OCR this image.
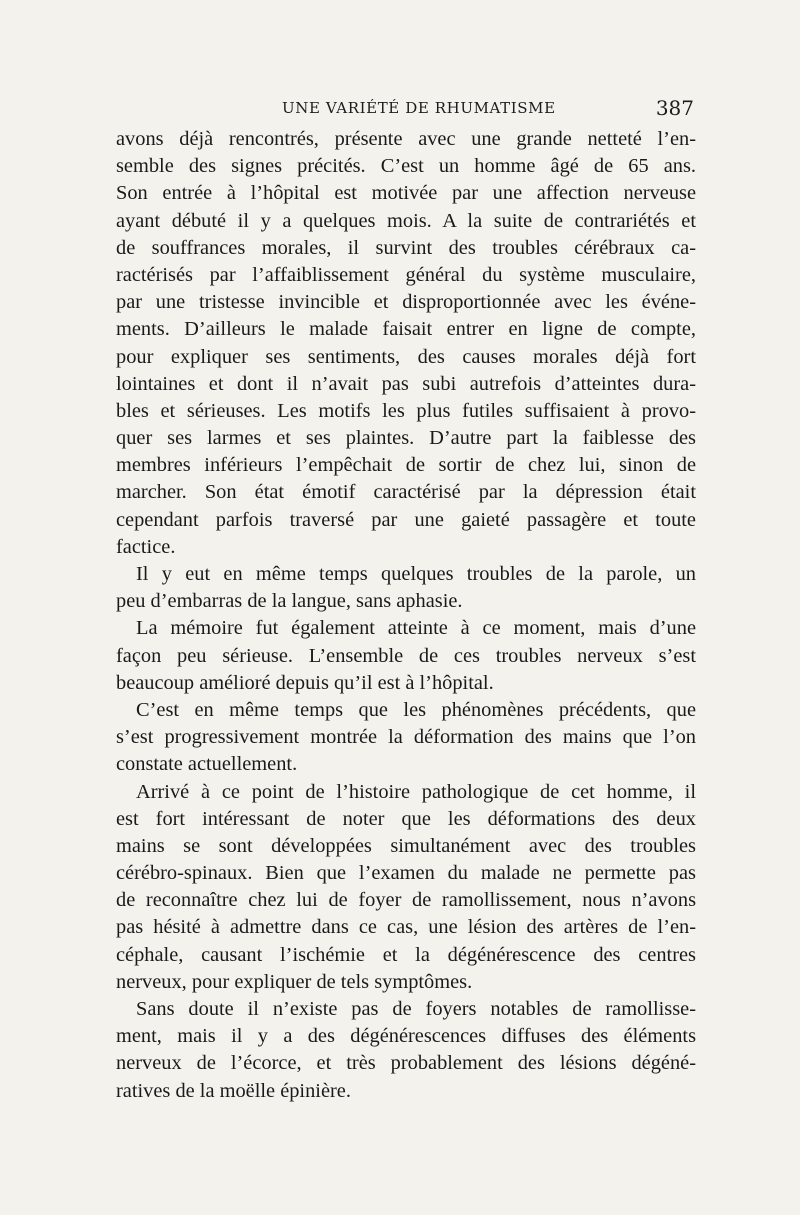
UNE VARIÉTÉ DE RHUMATISME	387
avons déjà rencontrés, présente avec une grande netteté l’en-
semble des signes précités. C’est un homme âgé de 65 ans.
Son entrée à l’hôpital est motivée par une affection nerveuse
ayant débuté il y a quelques mois. A la suite de contrariétés et
de souffrances morales, il survint des troubles cérébraux ca-
ractérisés par l’affaiblissement général du système musculaire,
par une tristesse invincible et disproportionnée avec les événe-
ments. D’ailleurs le malade faisait entrer en ligne de compte,
pour expliquer ses sentiments, des causes morales déjà fort
lointaines et dont il n’avait pas subi autrefois d’atteintes dura-
bles et sérieuses. Les motifs les plus futiles suffisaient à provo-
quer ses larmes et ses plaintes. D’autre part la faiblesse des
membres inférieurs l’empêchait de sortir de chez lui, sinon de
marcher. Son état émotif caractérisé par la dépression était
cependant parfois traversé par une gaieté passagère et toute
factice.
Il y eut en même temps quelques troubles de la parole, un
peu d’embarras de la langue, sans aphasie.
La mémoire fut également atteinte à ce moment, mais d’une
façon peu sérieuse. L’ensemble de ces troubles nerveux s’est
beaucoup amélioré depuis qu’il est à l’hôpital.
C’est en même temps que les phénomènes précédents, que
s’est progressivement montrée la déformation des mains que l’on
constate actuellement.
Arrivé à ce point de l’histoire pathologique de cet homme, il
est fort intéressant de noter que les déformations des deux
mains se sont développées simultanément avec des troubles
cérébro-spinaux. Bien que l’examen du malade ne permette pas
de reconnaître chez lui de foyer de ramollissement, nous n’avons
pas hésité à admettre dans ce cas, une lésion des artères de l’en-
céphale, causant l’ischémie et la dégénérescence des centres
nerveux, pour expliquer de tels symptômes.
Sans doute il n’existe pas de foyers notables de ramollisse-
ment, mais il y a des dégénérescences diffuses des éléments
nerveux de l’écorce, et très probablement des lésions dégéné-
ratives de la moëlle épinière.
